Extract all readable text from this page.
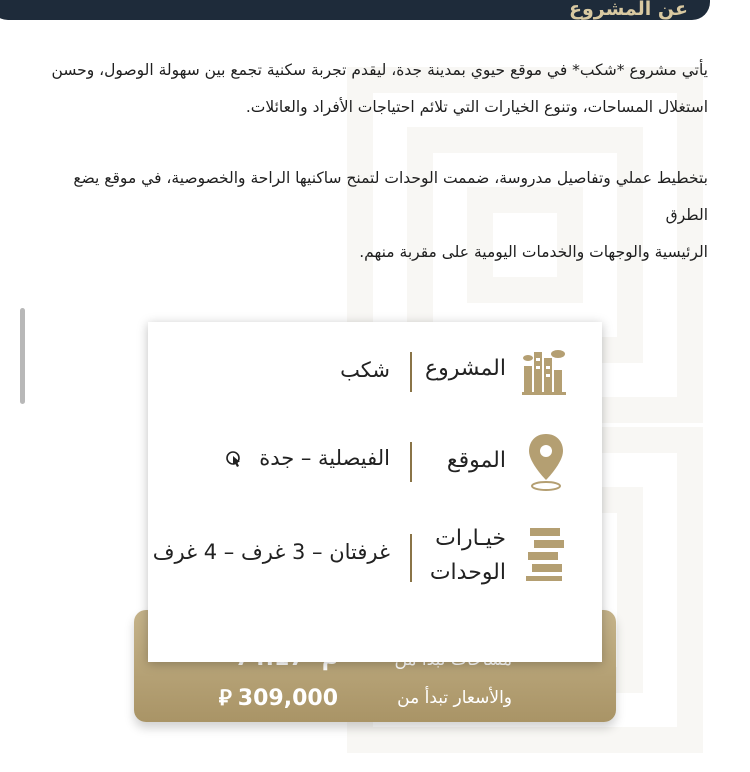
عن المشروع
يأتي مشروع *شكب* في موقع حيوي بمدينة جدة، ليقدم تجربة سكنية تجمع بين سهولة الوصول، وحسن
استغلال المساحات، وتنوع الخيارات التي تلائم احتياجات الأفراد والعائلات.
بتخطيط عملي وتفاصيل مدروسة، ضممت الوحدات لتمنح ساكنيها الراحة والخصوصية، في موقع يضع الطرق
الرئيسية والوجهات والخدمات اليومية على مقربة منهم.
والأسعار تبدأ من
⃁ 309,000
المشروع
شكب
الموقع
الفيصلية – جدة
خيـارات
الوحدات
غرفتان – 3 غرف – 4 غرف
